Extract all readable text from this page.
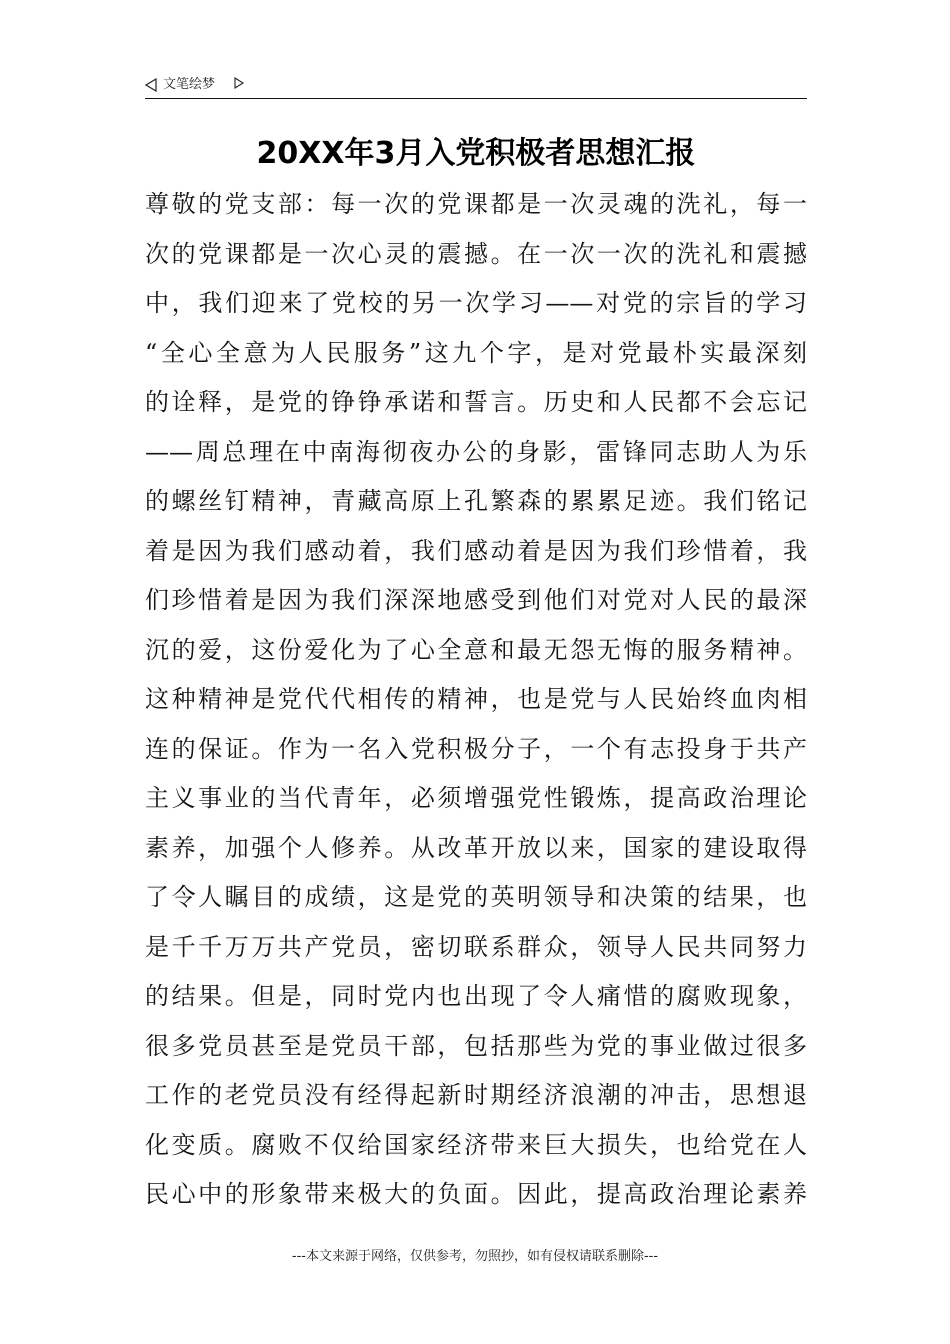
文笔绘梦
20XX年3月入党积极者思想汇报
尊敬的党支部：每一次的党课都是一次灵魂的洗礼，每一
次的党课都是一次心灵的震撼。在一次一次的洗礼和震撼
中，我们迎来了党校的另一次学习——对党的宗旨的学习
“全心全意为人民服务”这九个字，是对党最朴实最深刻
的诠释，是党的铮铮承诺和誓言。历史和人民都不会忘记
——周总理在中南海彻夜办公的身影，雷锋同志助人为乐
的螺丝钉精神，青藏高原上孔繁森的累累足迹。我们铭记
着是因为我们感动着，我们感动着是因为我们珍惜着，我
们珍惜着是因为我们深深地感受到他们对党对人民的最深
沉的爱，这份爱化为了心全意和最无怨无悔的服务精神。
这种精神是党代代相传的精神，也是党与人民始终血肉相
连的保证。作为一名入党积极分子，一个有志投身于共产
主义事业的当代青年，必须增强党性锻炼，提高政治理论
素养，加强个人修养。从改革开放以来，国家的建设取得
了令人瞩目的成绩，这是党的英明领导和决策的结果，也
是千千万万共产党员，密切联系群众，领导人民共同努力
的结果。但是，同时党内也出现了令人痛惜的腐败现象，
很多党员甚至是党员干部，包括那些为党的事业做过很多
工作的老党员没有经得起新时期经济浪潮的冲击，思想退
化变质。腐败不仅给国家经济带来巨大损失，也给党在人
民心中的形象带来极大的负面。因此，提高政治理论素养
---本文来源于网络，仅供参考，勿照抄，如有侵权请联系删除---
